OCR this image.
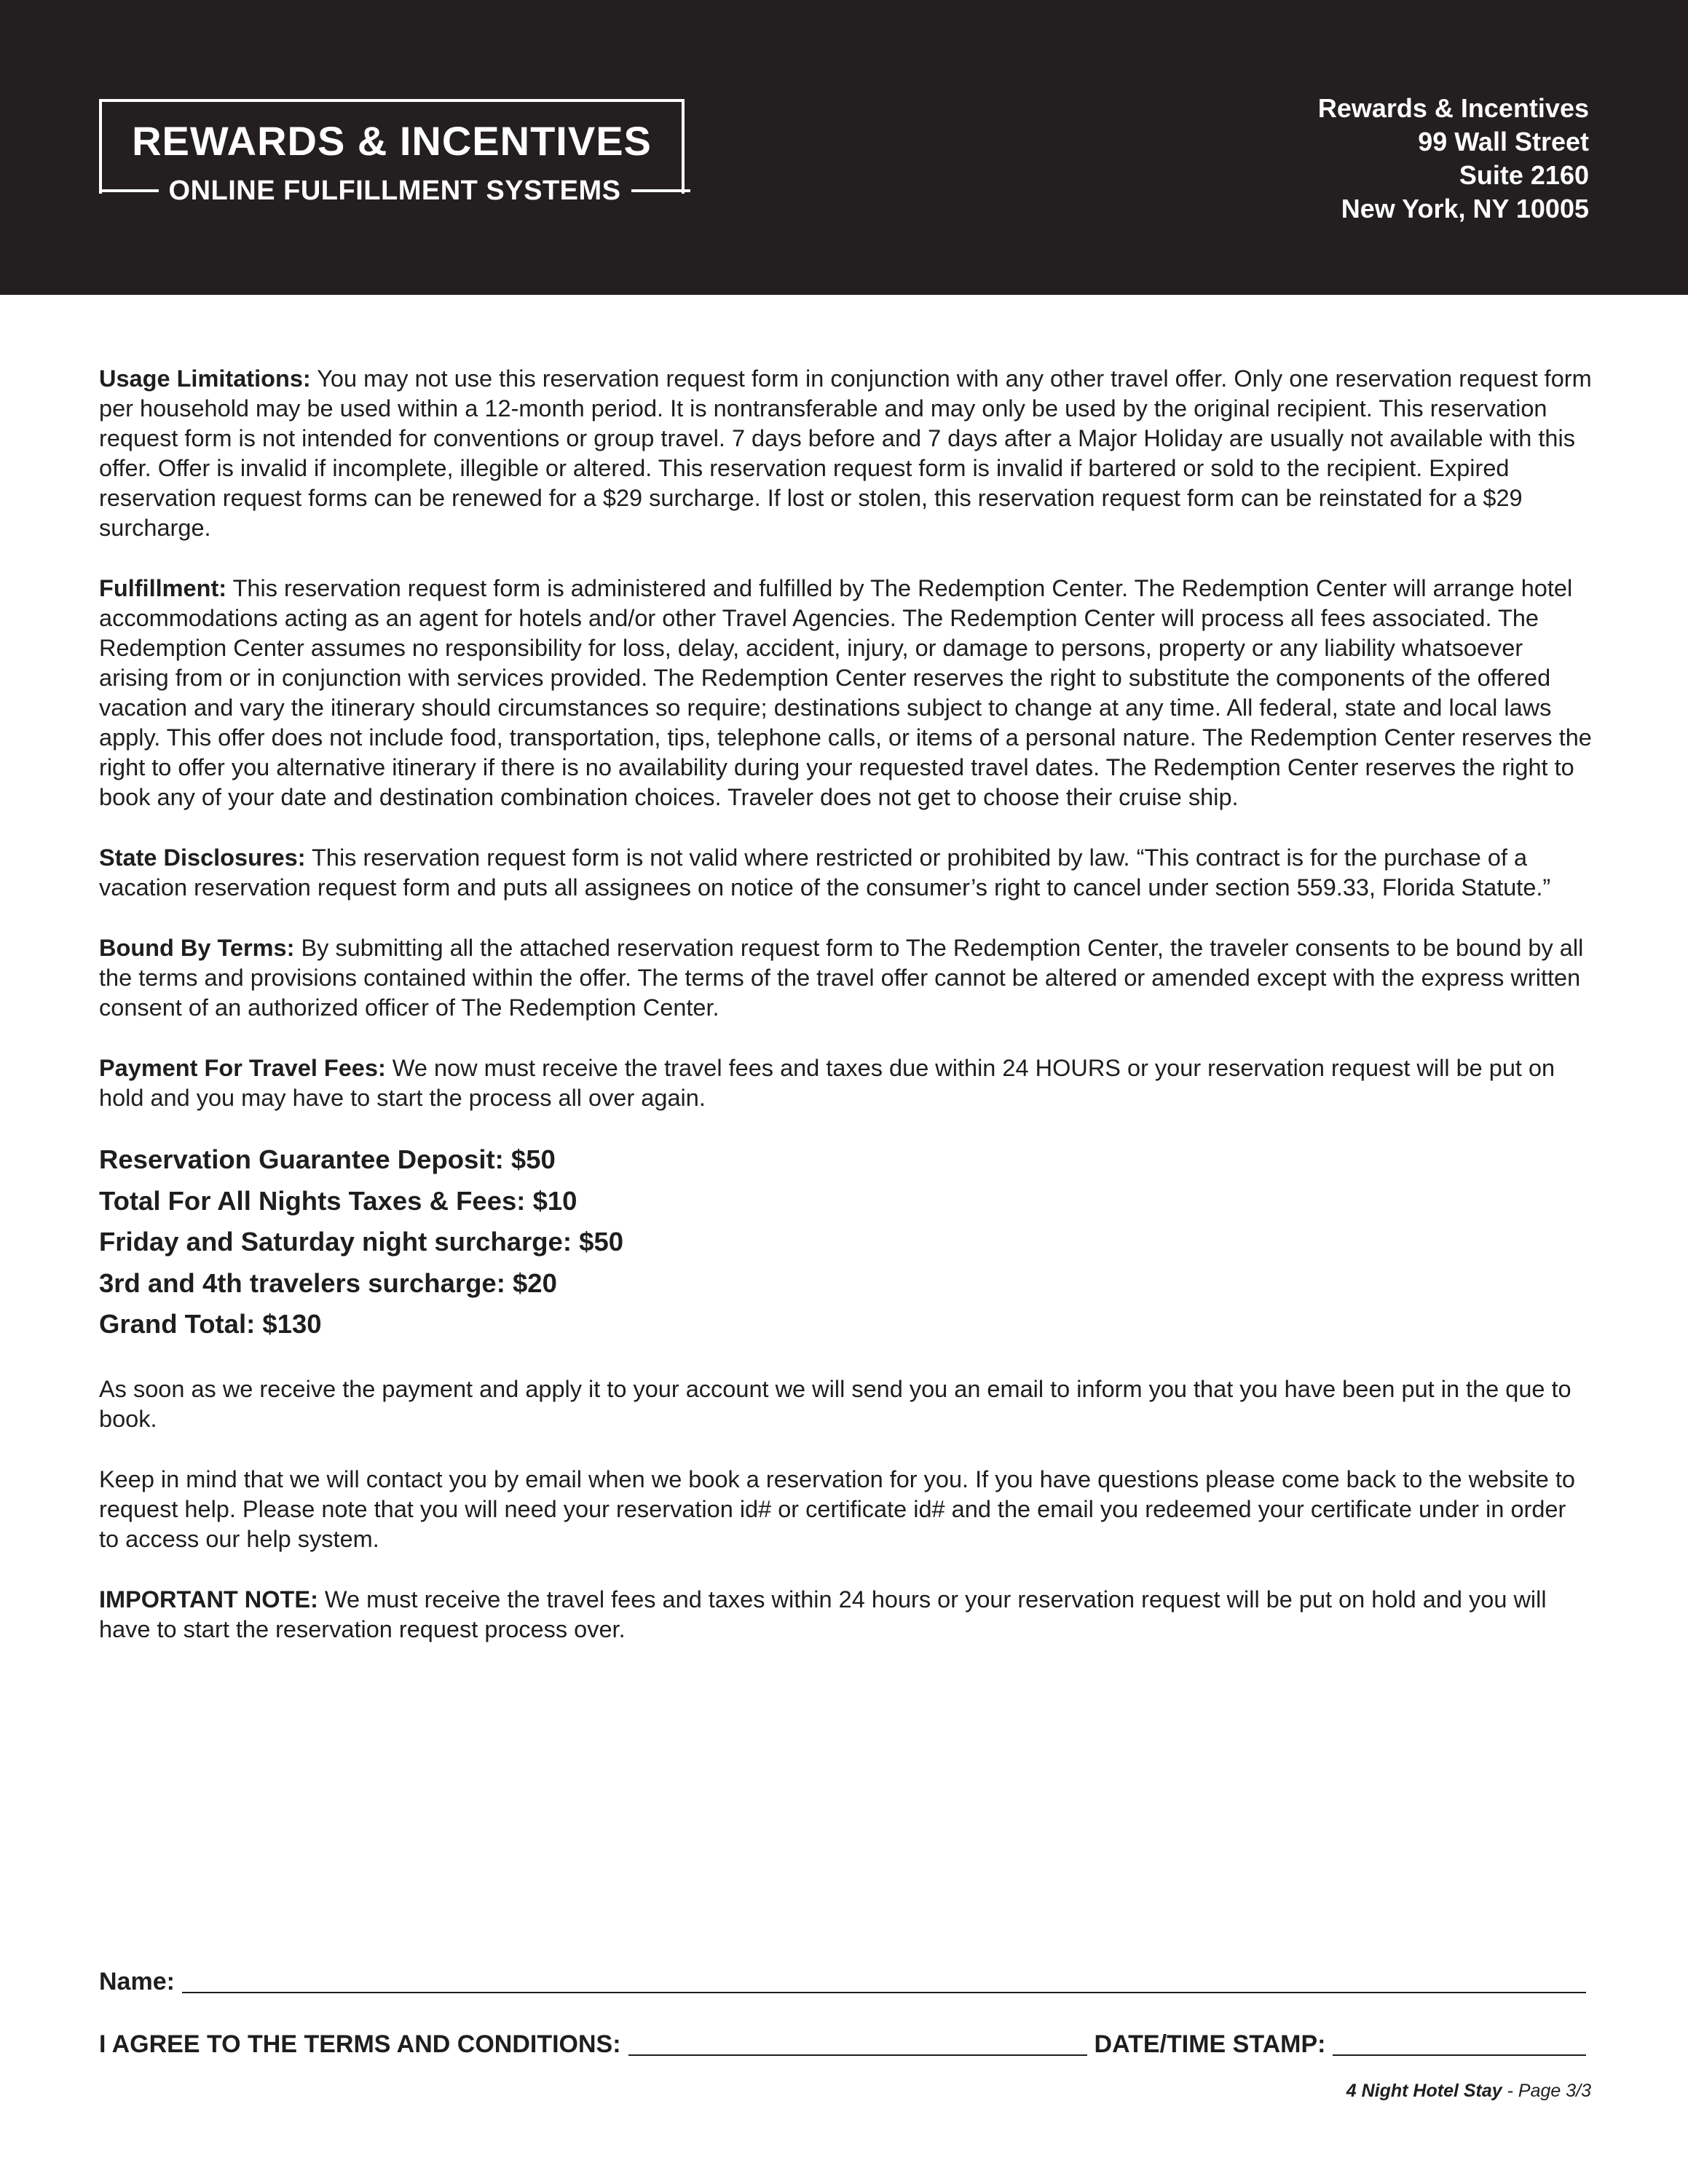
REWARDS & INCENTIVES
ONLINE FULFILLMENT SYSTEMS
Rewards & Incentives
99 Wall Street
Suite 2160
New York, NY 10005

Usage Limitations: You may not use this reservation request form in conjunction with any other travel offer. Only one reservation request form per household may be used within a 12-month period. It is nontransferable and may only be used by the original recipient. This reservation request form is not intended for conventions or group travel. 7 days before and 7 days after a Major Holiday are usually not available with this offer. Offer is invalid if incomplete, illegible or altered. This reservation request form is invalid if bartered or sold to the recipient. Expired reservation request forms can be renewed for a $29 surcharge. If lost or stolen, this reservation request form can be reinstated for a $29 surcharge.

Fulfillment: This reservation request form is administered and fulfilled by The Redemption Center. The Redemption Center will arrange hotel accommodations acting as an agent for hotels and/or other Travel Agencies. The Redemption Center will process all fees associated. The Redemption Center assumes no responsibility for loss, delay, accident, injury, or damage to persons, property or any liability whatsoever arising from or in conjunction with services provided. The Redemption Center reserves the right to substitute the components of the offered vacation and vary the itinerary should circumstances so require; destinations subject to change at any time. All federal, state and local laws apply. This offer does not include food, transportation, tips, telephone calls, or items of a personal nature. The Redemption Center reserves the right to offer you alternative itinerary if there is no availability during your requested travel dates. The Redemption Center reserves the right to book any of your date and destination combination choices. Traveler does not get to choose their cruise ship.

State Disclosures: This reservation request form is not valid where restricted or prohibited by law. “This contract is for the purchase of a vacation reservation request form and puts all assignees on notice of the consumer’s right to cancel under section 559.33, Florida Statute.”

Bound By Terms: By submitting all the attached reservation request form to The Redemption Center, the traveler consents to be bound by all the terms and provisions contained within the offer. The terms of the travel offer cannot be altered or amended except with the express written consent of an authorized officer of The Redemption Center.

Payment For Travel Fees: We now must receive the travel fees and taxes due within 24 HOURS or your reservation request will be put on hold and you may have to start the process all over again.

Reservation Guarantee Deposit: $50
Total For All Nights Taxes & Fees: $10
Friday and Saturday night surcharge: $50
3rd and 4th travelers surcharge: $20
Grand Total: $130

As soon as we receive the payment and apply it to your account we will send you an email to inform you that you have been put in the que to book.

Keep in mind that we will contact you by email when we book a reservation for you. If you have questions please come back to the website to request help. Please note that you will need your reservation id# or certificate id# and the email you redeemed your certificate under in order to access our help system.

IMPORTANT NOTE: We must receive the travel fees and taxes within 24 hours or your reservation request will be put on hold and you will have to start the reservation request process over.

Name:
I AGREE TO THE TERMS AND CONDITIONS:	DATE/TIME STAMP:
4 Night Hotel Stay - Page 3/3
